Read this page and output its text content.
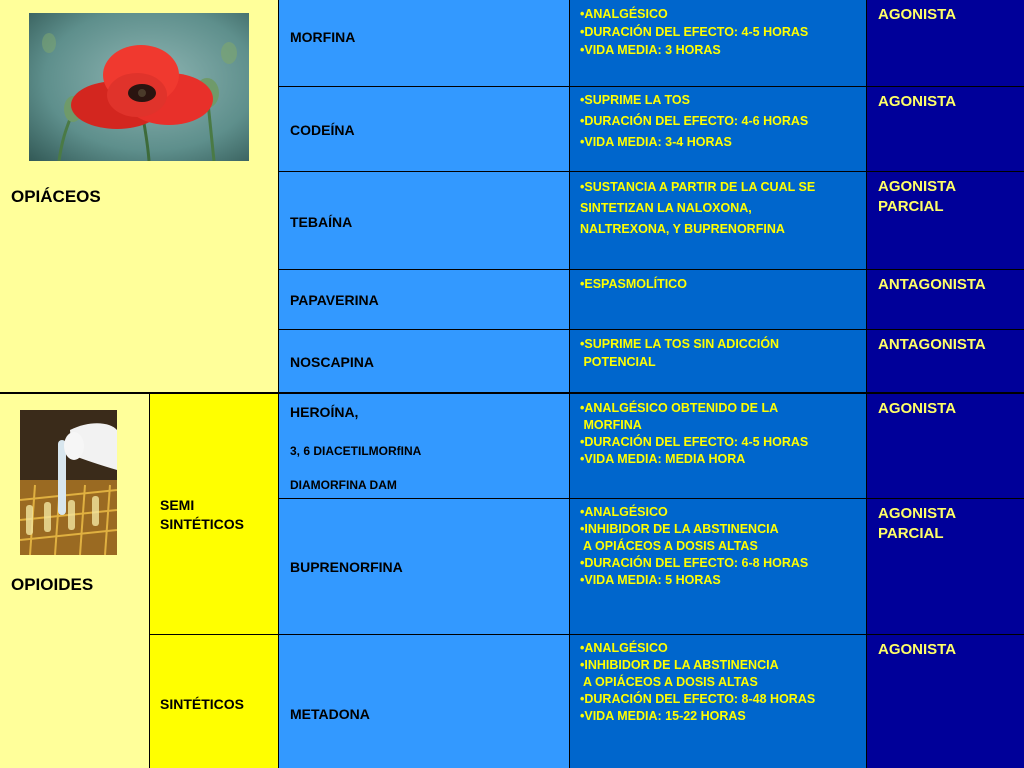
OPIÁCEOS
OPIOIDES
SEMI
SINTÉTICOS
SINTÉTICOS
MORFINA
•ANALGÉSICO
•DURACIÓN DEL EFECTO: 4-5 HORAS
•VIDA MEDIA: 3 HORAS
AGONISTA
CODEÍNA
•SUPRIME LA TOS
•DURACIÓN DEL EFECTO: 4-6 HORAS
•VIDA MEDIA: 3-4 HORAS
AGONISTA
TEBAÍNA
•SUSTANCIA A PARTIR DE LA CUAL SE
SINTETIZAN LA NALOXONA,
NALTREXONA, Y BUPRENORFINA
AGONISTA
PARCIAL
PAPAVERINA
•ESPASMOLÍTICO	ANTAGONISTA
NOSCAPINA
•SUPRIME LA TOS SIN ADICCIÓN
POTENCIAL
ANTAGONISTA
HEROÍNA,
3, 6 DIACETILMORfINA
DIAMORFINA DAM
•ANALGÉSICO OBTENIDO DE LA
MORFINA
•DURACIÓN DEL EFECTO: 4-5 HORAS
•VIDA MEDIA: MEDIA HORA
AGONISTA
BUPRENORFINA
•ANALGÉSICO
•INHIBIDOR DE LA ABSTINENCIA
A OPIÁCEOS A DOSIS ALTAS
•DURACIÓN DEL EFECTO: 6-8 HORAS
•VIDA MEDIA: 5 HORAS
AGONISTA
PARCIAL
METADONA
•ANALGÉSICO
•INHIBIDOR DE LA ABSTINENCIA
A OPIÁCEOS A DOSIS ALTAS
•DURACIÓN DEL EFECTO: 8-48 HORAS
•VIDA MEDIA: 15-22 HORAS
AGONISTA
